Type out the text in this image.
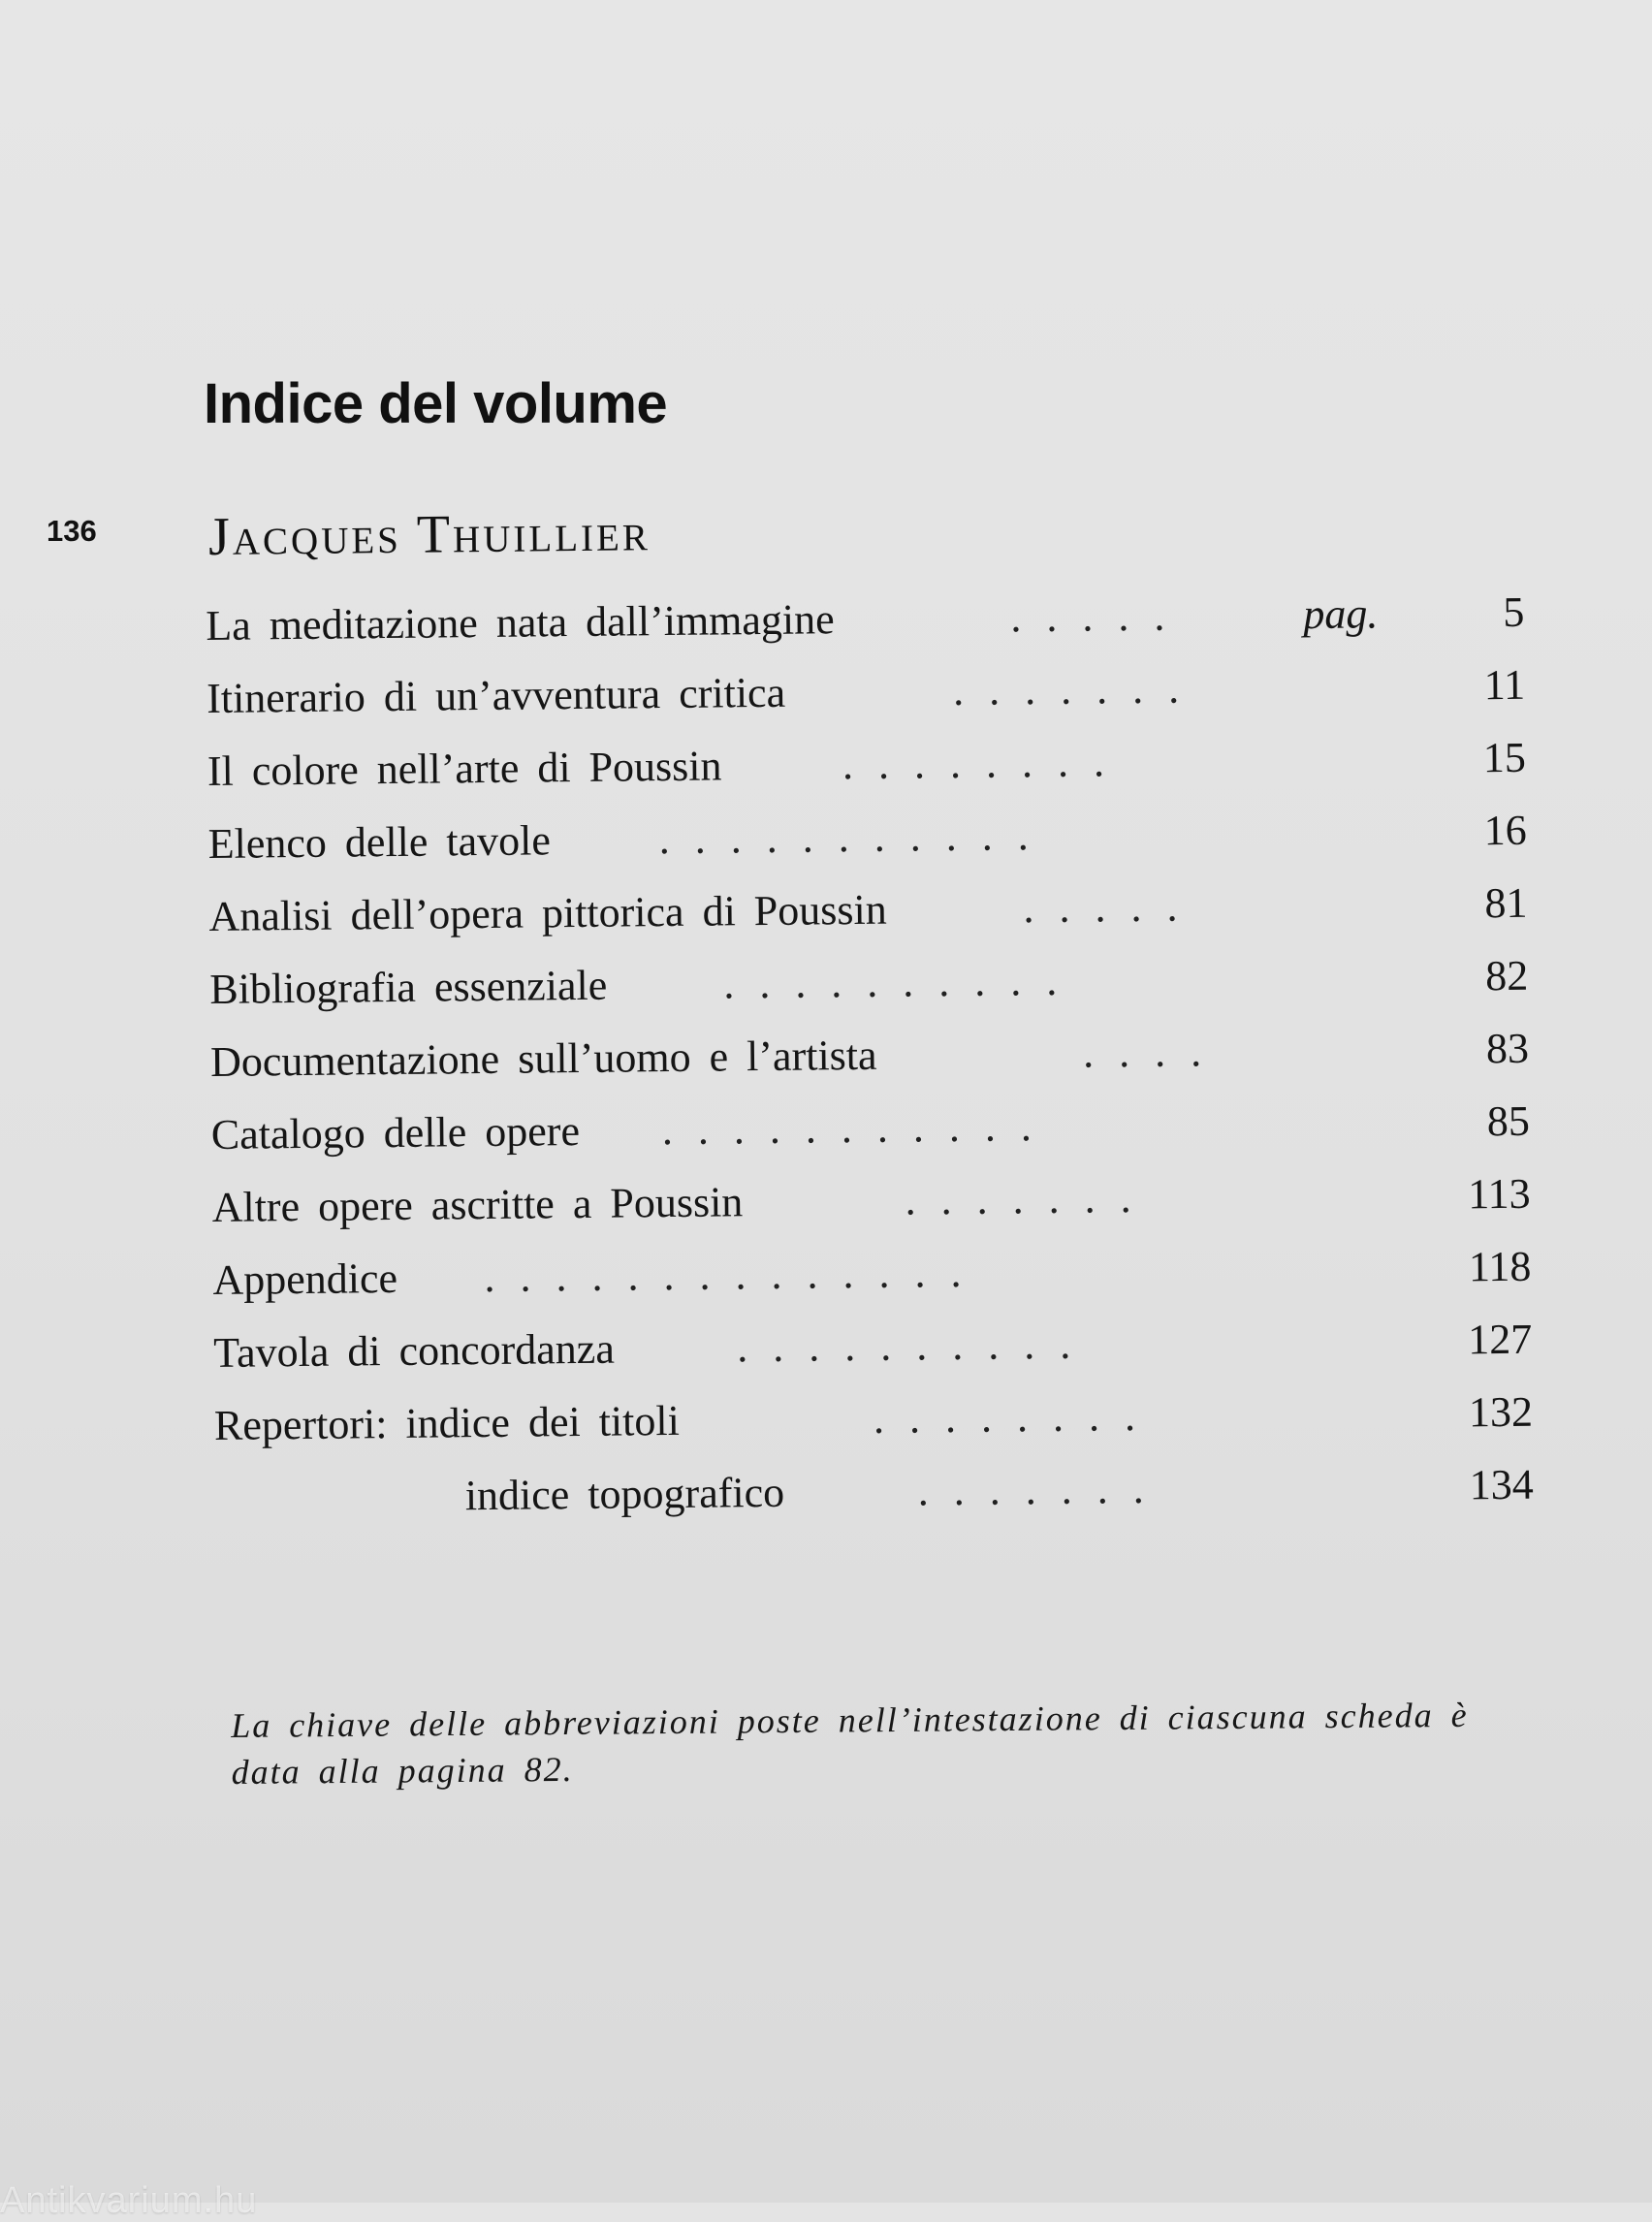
Indice del volume
136 Jacques Thuillier
La meditazione nata dall’immagine	.....	pag.	5
Itinerario di un’avventura critica	.......	11
Il colore nell’arte di Poussin	........	15
Elenco delle tavole	...........	16
Analisi dell’opera pittorica di Poussin	.....	81
Bibliografia essenziale	..........	82
Documentazione sull’uomo e l’artista	....	83
Catalogo delle opere ...........	85
Altre opere ascritte a Poussin	.......	113
Appendice ..............	118
Tavola di concordanza	..........	127
Repertori: indice dei titoli	........	132
indice topografico	.......	134
La chiave delle abbreviazioni poste nell’intestazione di ciascuna scheda è data alla pagina 82.
Antikvarium.hu
